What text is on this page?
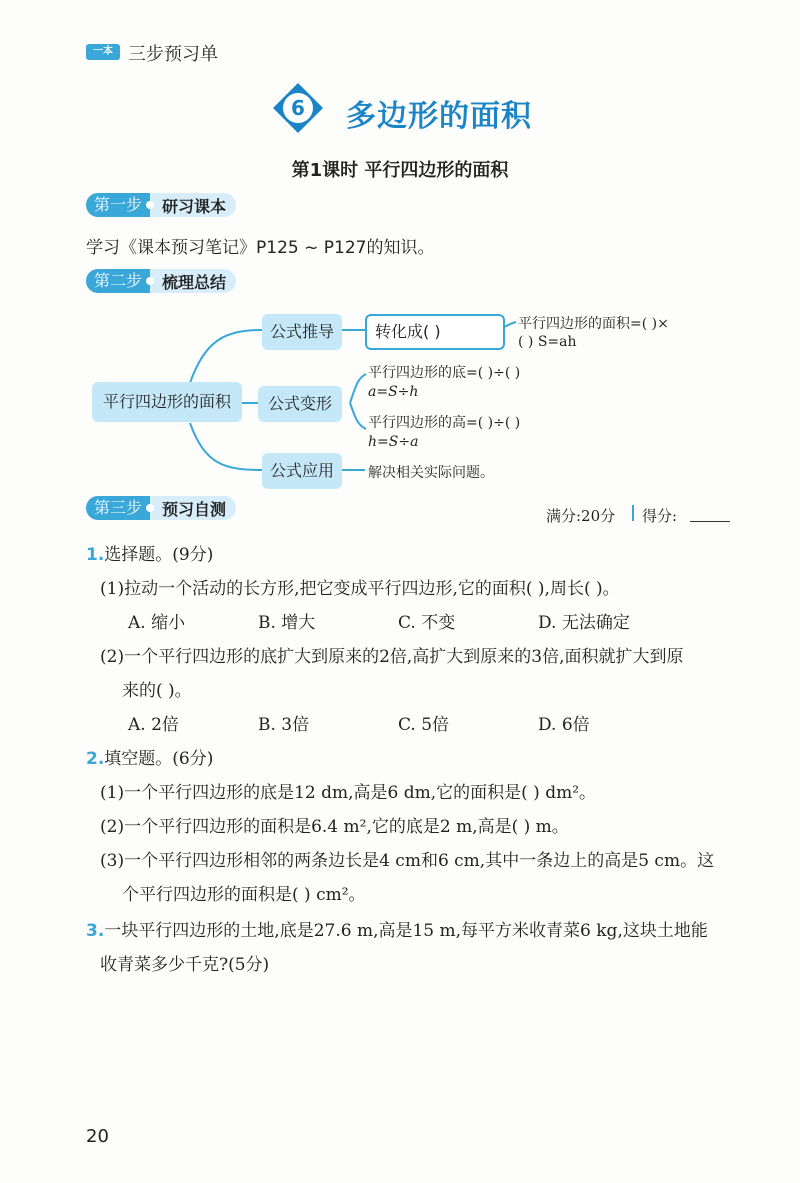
一本 三步预习单
6 多边形的面积
第1课时 平行四边形的面积
第一步	研习课本
学习《课本预习笔记》P125 ~ P127的知识。
第二步	梳理总结
平行四边形的面积
公式推导
公式变形
公式应用
转化成( )	平行四边形的面积=( )×
( ) S=ah
平行四边形的底=( )÷( )
a=S÷h
平行四边形的高=( )÷( )
h=S÷a
解决相关实际问题。
第三步	预习自测	满分:20分 得分:
1.选择题。(9分)
(1)拉动一个活动的长方形,把它变成平行四边形,它的面积( ),周长( )。
A. 缩小	B. 增大	C. 不变	D. 无法确定
(2)一个平行四边形的底扩大到原来的2倍,高扩大到原来的3倍,面积就扩大到原
来的( )。
A. 2倍	B. 3倍	C. 5倍	D. 6倍
2.填空题。(6分)
(1)一个平行四边形的底是12 dm,高是6 dm,它的面积是( ) dm²。
(2)一个平行四边形的面积是6.4 m²,它的底是2 m,高是( ) m。
(3)一个平行四边形相邻的两条边长是4 cm和6 cm,其中一条边上的高是5 cm。这
个平行四边形的面积是( ) cm²。
3.一块平行四边形的土地,底是27.6 m,高是15 m,每平方米收青菜6 kg,这块土地能
收青菜多少千克?(5分)
20
